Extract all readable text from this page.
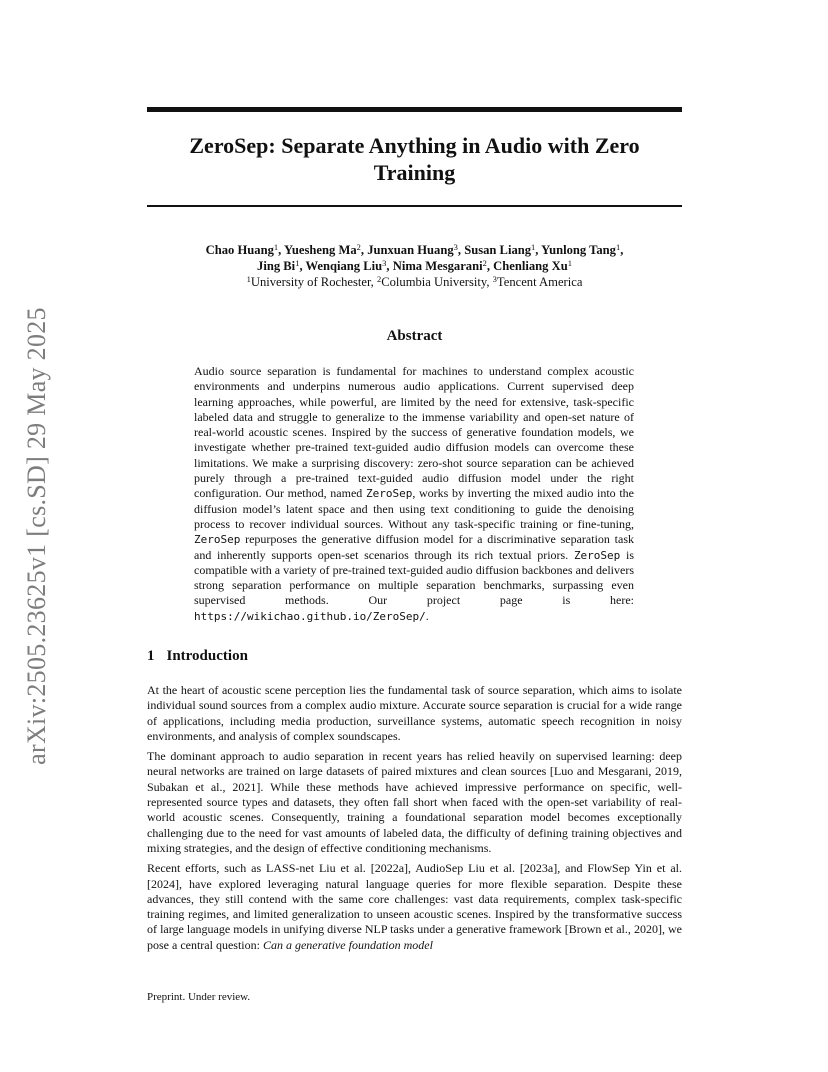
arXiv:2505.23625v1 [cs.SD] 29 May 2025
ZeroSep: Separate Anything in Audio with Zero Training
Chao Huang$^1$, Yuesheng Ma$^2$, Junxuan Huang$^3$, Susan Liang$^1$, Yunlong Tang$^1$,
Jing Bi$^1$, Wenqiang Liu$^3$, Nima Mesgarani$^2$, Chenliang Xu$^1$
$^1$University of Rochester, $^2$Columbia University, $^3$Tencent America
Abstract

Audio source separation is fundamental for machines to understand complex acoustic environments and underpins numerous audio applications. Current supervised deep learning approaches, while powerful, are limited by the need for extensive, task-specific labeled data and struggle to generalize to the immense variability and open-set nature of real-world acoustic scenes. Inspired by the success of generative foundation models, we investigate whether pre-trained text-guided audio diffusion models can overcome these limitations. We make a surprising discovery: zero-shot source separation can be achieved purely through a pre-trained text-guided audio diffusion model under the right configuration. Our method, named ZeroSep, works by inverting the mixed audio into the diffusion model’s latent space and then using text conditioning to guide the denoising process to recover individual sources. Without any task-specific training or fine-tuning, ZeroSep repurposes the generative diffusion model for a discriminative separation task and inherently supports open-set scenarios through its rich textual priors. ZeroSep is compatible with a variety of pre-trained text-guided audio diffusion backbones and delivers strong separation performance on multiple separation benchmarks, surpassing even supervised methods. Our project page is here: https://wikichao.github.io/ZeroSep/.

1 Introduction

At the heart of acoustic scene perception lies the fundamental task of source separation, which aims to isolate individual sound sources from a complex audio mixture. Accurate source separation is crucial for a wide range of applications, including media production, surveillance systems, automatic speech recognition in noisy environments, and analysis of complex soundscapes.

The dominant approach to audio separation in recent years has relied heavily on supervised learning: deep neural networks are trained on large datasets of paired mixtures and clean sources [Luo and Mesgarani, 2019, Subakan et al., 2021]. While these methods have achieved impressive performance on specific, well-represented source types and datasets, they often fall short when faced with the open-set variability of real-world acoustic scenes. Consequently, training a foundational separation model becomes exceptionally challenging due to the need for vast amounts of labeled data, the difficulty of defining training objectives and mixing strategies, and the design of effective conditioning mechanisms.

Recent efforts, such as LASS-net Liu et al. [2022a], AudioSep Liu et al. [2023a], and FlowSep Yin et al. [2024], have explored leveraging natural language queries for more flexible separation. Despite these advances, they still contend with the same core challenges: vast data requirements, complex task-specific training regimes, and limited generalization to unseen acoustic scenes. Inspired by the transformative success of large language models in unifying diverse NLP tasks under a generative framework [Brown et al., 2020], we pose a central question: Can a generative foundation model

Preprint. Under review.
